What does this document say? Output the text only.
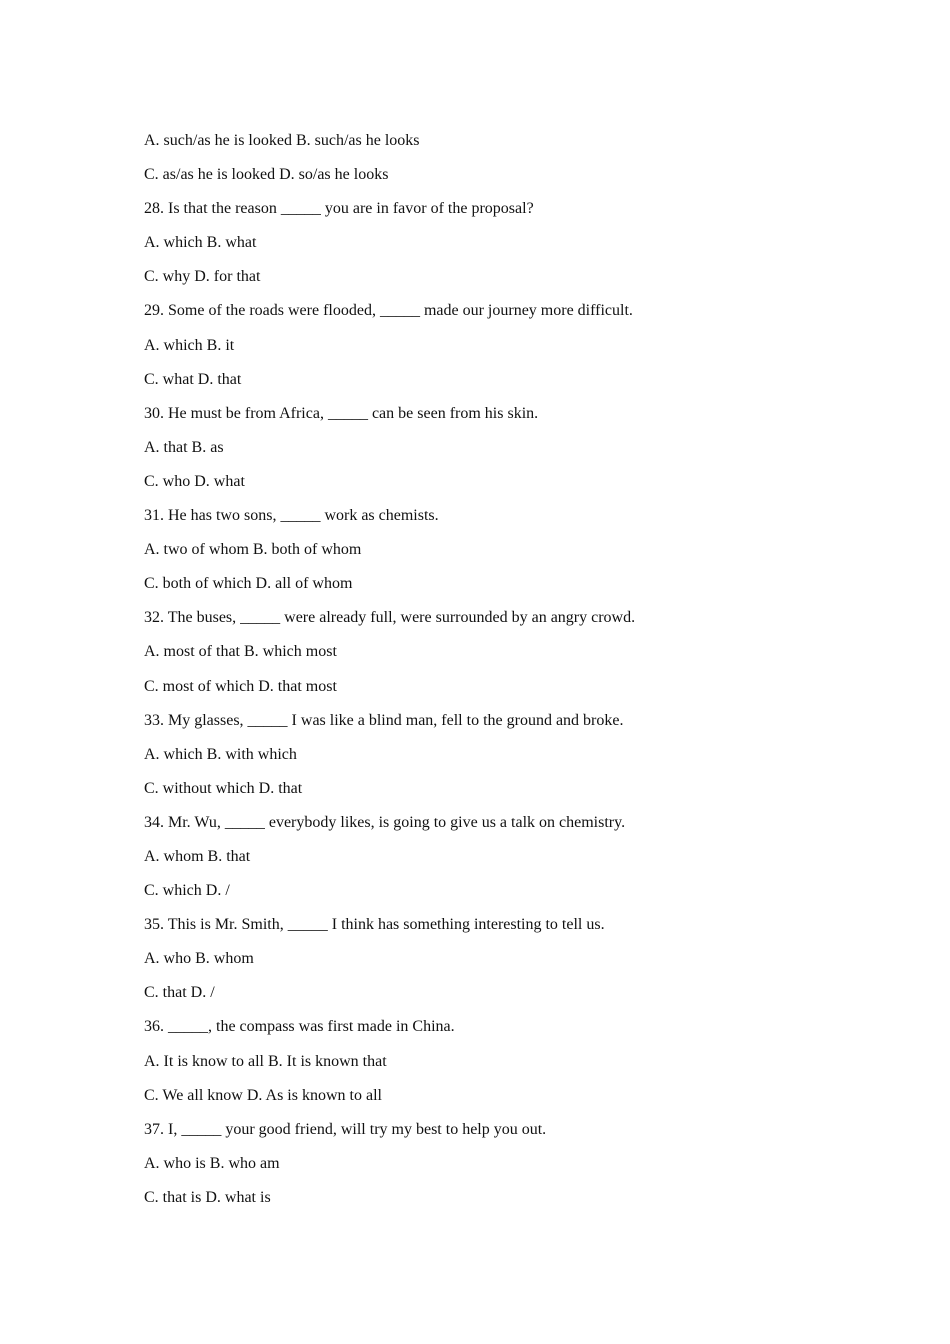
A. such/as he is looked B. such/as he looks
C. as/as he is looked D. so/as he looks
28. Is that the reason _____ you are in favor of the proposal?
A. which B. what
C. why D. for that
29. Some of the roads were flooded, _____ made our journey more difficult.
A. which B. it
C. what D. that
30. He must be from Africa, _____ can be seen from his skin.
A. that B. as
C. who D. what
31. He has two sons, _____ work as chemists.
A. two of whom B. both of whom
C. both of which D. all of whom
32. The buses, _____ were already full, were surrounded by an angry crowd.
A. most of that B. which most
C. most of which D. that most
33. My glasses, _____ I was like a blind man, fell to the ground and broke.
A. which B. with which
C. without which D. that
34. Mr. Wu, _____ everybody likes, is going to give us a talk on chemistry.
A. whom B. that
C. which D. /
35. This is Mr. Smith, _____ I think has something interesting to tell us.
A. who B. whom
C. that D. /
36. _____, the compass was first made in China.
A. It is know to all B. It is known that
C. We all know D. As is known to all
37. I, _____ your good friend, will try my best to help you out.
A. who is B. who am
C. that is D. what is
